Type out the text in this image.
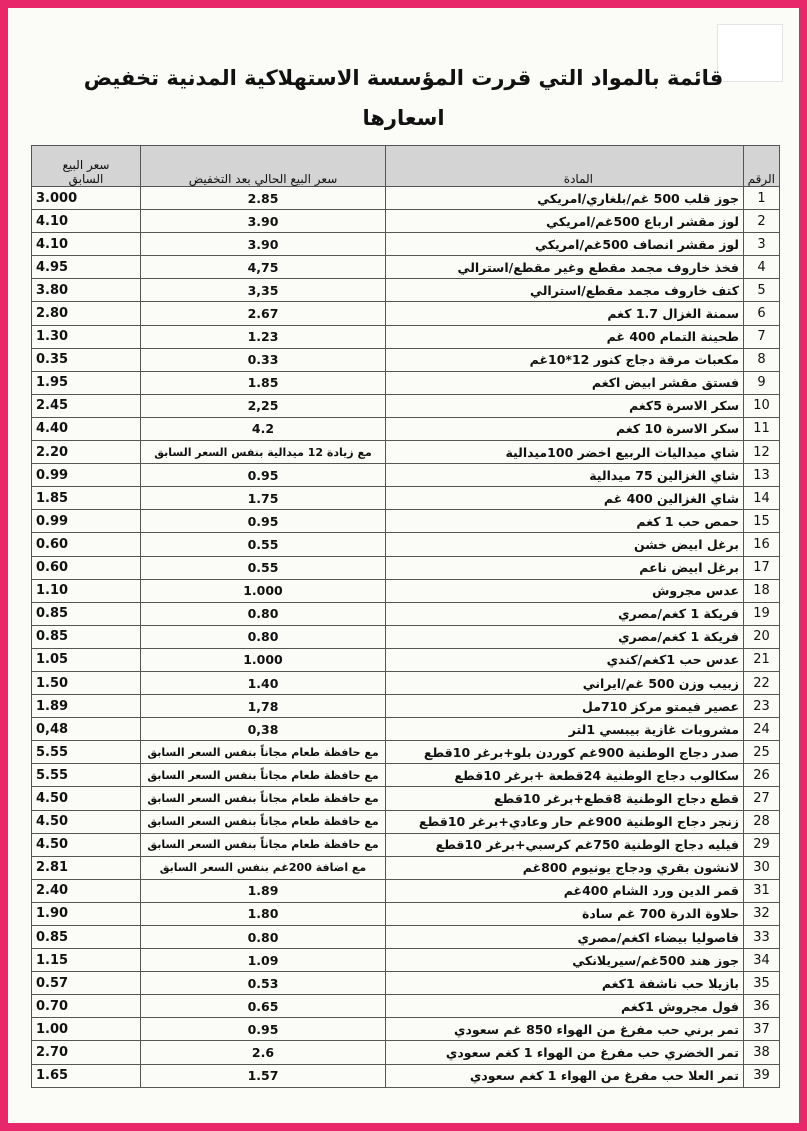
قائمة بالمواد التي قررت المؤسسة الاستهلاكية المدنية تخفيض اسعارها
الرقم	المادة	سعر البيع الحالي بعد التخفيض	سعر البيع
السابق
1	جوز قلب 500 غم/بلغاري/امريكي	2.85	3.000
2	لوز مقشر ارباع 500غم/امريكي	3.90	4.10
3	لوز مقشر انصاف 500غم/امريكي	3.90	4.10
4	فخذ خاروف مجمد مقطع وغير مقطع/استرالي	4,75	4.95
5	كتف خاروف مجمد مقطع/استرالي	3,35	3.80
6	سمنة الغزال 1.7 كغم	2.67	2.80
7	طحينة التمام 400 غم	1.23	1.30
8	مكعبات مرقة دجاج كنور 12*10غم	0.33	0.35
9	فستق مقشر ابيض اكغم	1.85	1.95
10	سكر الاسرة 5كغم	2,25	2.45
11	سكر الاسرة 10 كغم	4.2	4.40
12	شاي ميداليات الربيع اخضر 100ميدالية	مع زيادة 12 ميدالية بنفس السعر السابق	2.20
13	شاي الغزالين 75 ميدالية	0.95	0.99
14	شاي الغزالين 400 غم	1.75	1.85
15	حمص حب 1 كغم	0.95	0.99
16	برغل ابيض خشن	0.55	0.60
17	برغل ابيض ناعم	0.55	0.60
18	عدس مجروش	1.000	1.10
19	فريكة 1 كغم/مصري	0.80	0.85
20	فريكة 1 كغم/مصري	0.80	0.85
21	عدس حب 1كغم/كندي	1.000	1.05
22	زبيب وزن 500 غم/ايراني	1.40	1.50
23	عصير فيمتو مركز 710مل	1,78	1.89
24	مشروبات غازية بيبسي 1لتر	0,38	0,48
25	صدر دجاج الوطنية 900غم كوردن بلو+برغر 10قطع	مع حافظة طعام مجاناً بنفس السعر السابق	5.55
26	سكالوب دجاج الوطنية 24قطعة +برغر 10قطع	مع حافظة طعام مجاناً بنفس السعر السابق	5.55
27	قطع دجاج الوطنية 8قطع+برغر 10قطع	مع حافظة طعام مجاناً بنفس السعر السابق	4.50
28	زنجر دجاج الوطنية 900غم حار وعادي+برغر 10قطع	مع حافظة طعام مجاناً بنفس السعر السابق	4.50
29	فيليه دجاج الوطنية 750غم كرسبي+برغر 10قطع	مع حافظة طعام مجاناً بنفس السعر السابق	4.50
30	لانشون بقري ودجاج يونيوم 800غم	مع اضافة 200غم بنفس السعر السابق	2.81
31	قمر الدين ورد الشام 400غم	1.89	2.40
32	حلاوة الدرة 700 غم سادة	1.80	1.90
33	فاصوليا بيضاء اكغم/مصري	0.80	0.85
34	جوز هند 500غم/سيريلانكي	1.09	1.15
35	بازيلا حب ناشفة 1كغم	0.53	0.57
36	فول مجروش 1كغم	0.65	0.70
37	تمر برني حب مفرغ من الهواء 850 غم سعودي	0.95	1.00
38	تمر الخضري حب مفرغ من الهواء 1 كغم سعودي	2.6	2.70
39	تمر العلا حب مفرغ من الهواء 1 كغم سعودي	1.57	1.65
